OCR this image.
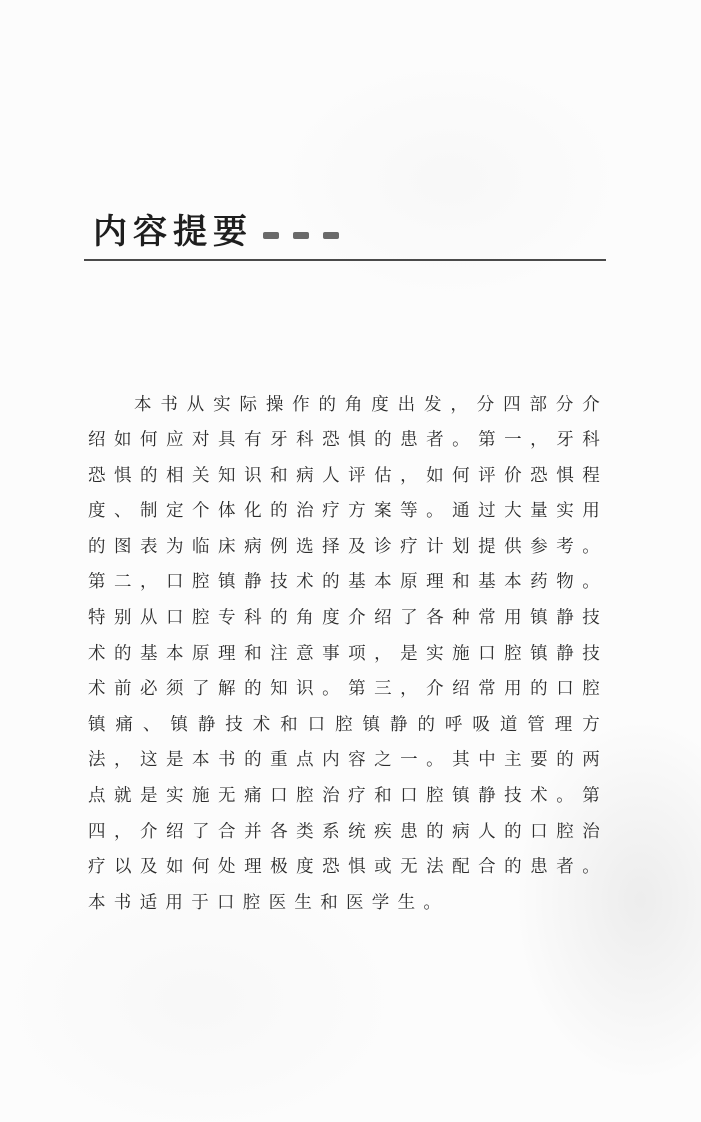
内容提要

本书从实际操作的角度出发，分四部分介绍如何应对具有牙科恐惧的患者。第一，牙科恐惧的相关知识和病人评估，如何评价恐惧程度、制定个体化的治疗方案等。通过大量实用的图表为临床病例选择及诊疗计划提供参考。第二，口腔镇静技术的基本原理和基本药物。特别从口腔专科的角度介绍了各种常用镇静技术的基本原理和注意事项，是实施口腔镇静技术前必须了解的知识。第三，介绍常用的口腔镇痛、镇静技术和口腔镇静的呼吸道管理方法，这是本书的重点内容之一。其中主要的两点就是实施无痛口腔治疗和口腔镇静技术。第四，介绍了合并各类系统疾患的病人的口腔治疗以及如何处理极度恐惧或无法配合的患者。本书适用于口腔医生和医学生。
